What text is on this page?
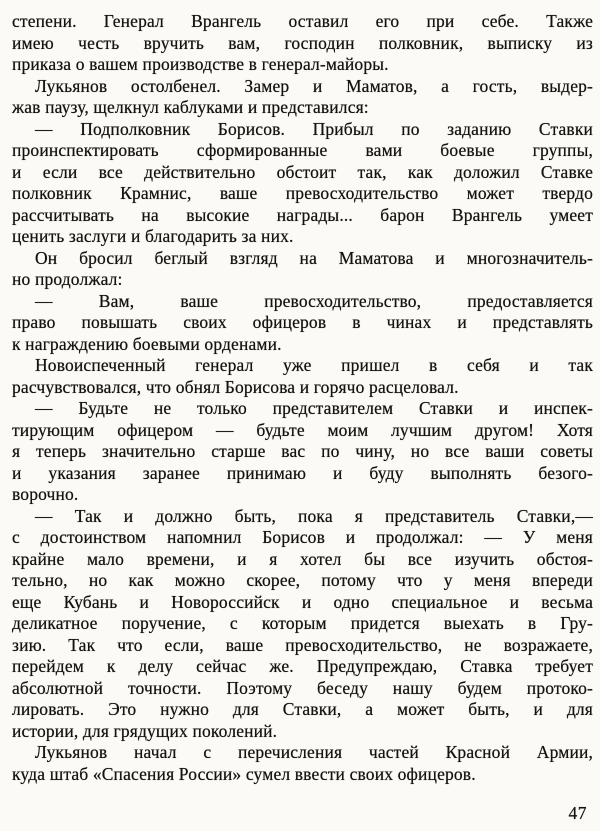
степени. Генерал Врангель оставил его при себе. Также
имею честь вручить вам, господин полковник, выписку из
приказа о вашем производстве в генерал-майоры.
Лукьянов остолбенел. Замер и Маматов, а гость, выдер-
жав паузу, щелкнул каблуками и представился:
— Подполковник Борисов. Прибыл по заданию Ставки
проинспектировать сформированные вами боевые группы,
и если все действительно обстоит так, как доложил Ставке
полковник Крамнис, ваше превосходительство может твердо
рассчитывать на высокие награды... барон Врангель умеет
ценить заслуги и благодарить за них.
Он бросил беглый взгляд на Маматова и многозначитель-
но продолжал:
— Вам, ваше превосходительство, предоставляется
право повышать своих офицеров в чинах и представлять
к награждению боевыми орденами.
Новоиспеченный генерал уже пришел в себя и так
расчувствовался, что обнял Борисова и горячо расцеловал.
— Будьте не только представителем Ставки и инспек-
тирующим офицером — будьте моим лучшим другом! Хотя
я теперь значительно старше вас по чину, но все ваши советы
и указания заранее принимаю и буду выполнять безого-
ворочно.
— Так и должно быть, пока я представитель Ставки,—
с достоинством напомнил Борисов и продолжал: — У меня
крайне мало времени, и я хотел бы все изучить обстоя-
тельно, но как можно скорее, потому что у меня впереди
еще Кубань и Новороссийск и одно специальное и весьма
деликатное поручение, с которым придется выехать в Гру-
зию. Так что если, ваше превосходительство, не возражаете,
перейдем к делу сейчас же. Предупреждаю, Ставка требует
абсолютной точности. Поэтому беседу нашу будем протоко-
лировать. Это нужно для Ставки, а может быть, и для
истории, для грядущих поколений.
Лукьянов начал с перечисления частей Красной Армии,
куда штаб «Спасения России» сумел ввести своих офицеров.
47
